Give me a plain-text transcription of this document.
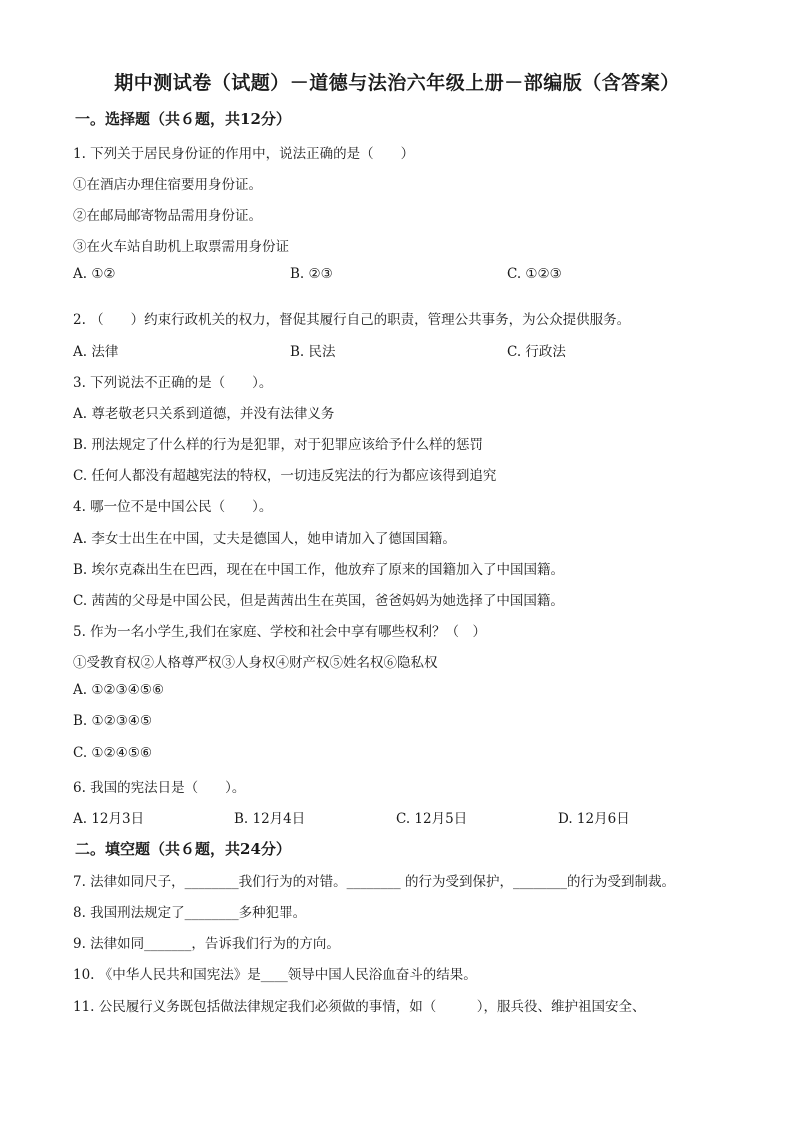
期中测试卷（试题）－道德与法治六年级上册－部编版（含答案）
一。选择题（共６题，共12分）
1. 下列关于居民身份证的作用中，说法正确的是（　　）
①在酒店办理住宿要用身份证。
②在邮局邮寄物品需用身份证。
③在火车站自助机上取票需用身份证
A. ①②	B. ②③	C. ①②③
2. （　　）约束行政机关的权力，督促其履行自己的职责，管理公共事务，为公众提供服务。
A. 法律	B. 民法	C. 行政法
3. 下列说法不正确的是（　　）。
A. 尊老敬老只关系到道德，并没有法律义务
B. 刑法规定了什么样的行为是犯罪，对于犯罪应该给予什么样的惩罚
C. 任何人都没有超越宪法的特权，一切违反宪法的行为都应该得到追究
4. 哪一位不是中国公民（　　）。
A. 李女士出生在中国，丈夫是德国人，她申请加入了德国国籍。
B. 埃尔克森出生在巴西，现在在中国工作，他放弃了原来的国籍加入了中国国籍。
C. 茜茜的父母是中国公民，但是茜茜出生在英国，爸爸妈妈为她选择了中国国籍。
5. 作为一名小学生,我们在家庭、学校和社会中享有哪些权利？（　）
①受教育权②人格尊严权③人身权④财产权⑤姓名权⑥隐私权
A. ①②③④⑤⑥
B. ①②③④⑤
C. ①②④⑤⑥
6. 我国的宪法日是（　　）。
A. 12月3日	B. 12月4日	C. 12月5日	D. 12月6日
二。填空题（共６题，共24分）
7. 法律如同尺子，________我们行为的对错。________ 的行为受到保护，________的行为受到制裁。
8. 我国刑法规定了________多种犯罪。
9. 法律如同_______，告诉我们行为的方向。
10. 《中华人民共和国宪法》是____领导中国人民浴血奋斗的结果。
11. 公民履行义务既包括做法律规定我们必须做的事情，如（　　　），服兵役、维护祖国安全、
